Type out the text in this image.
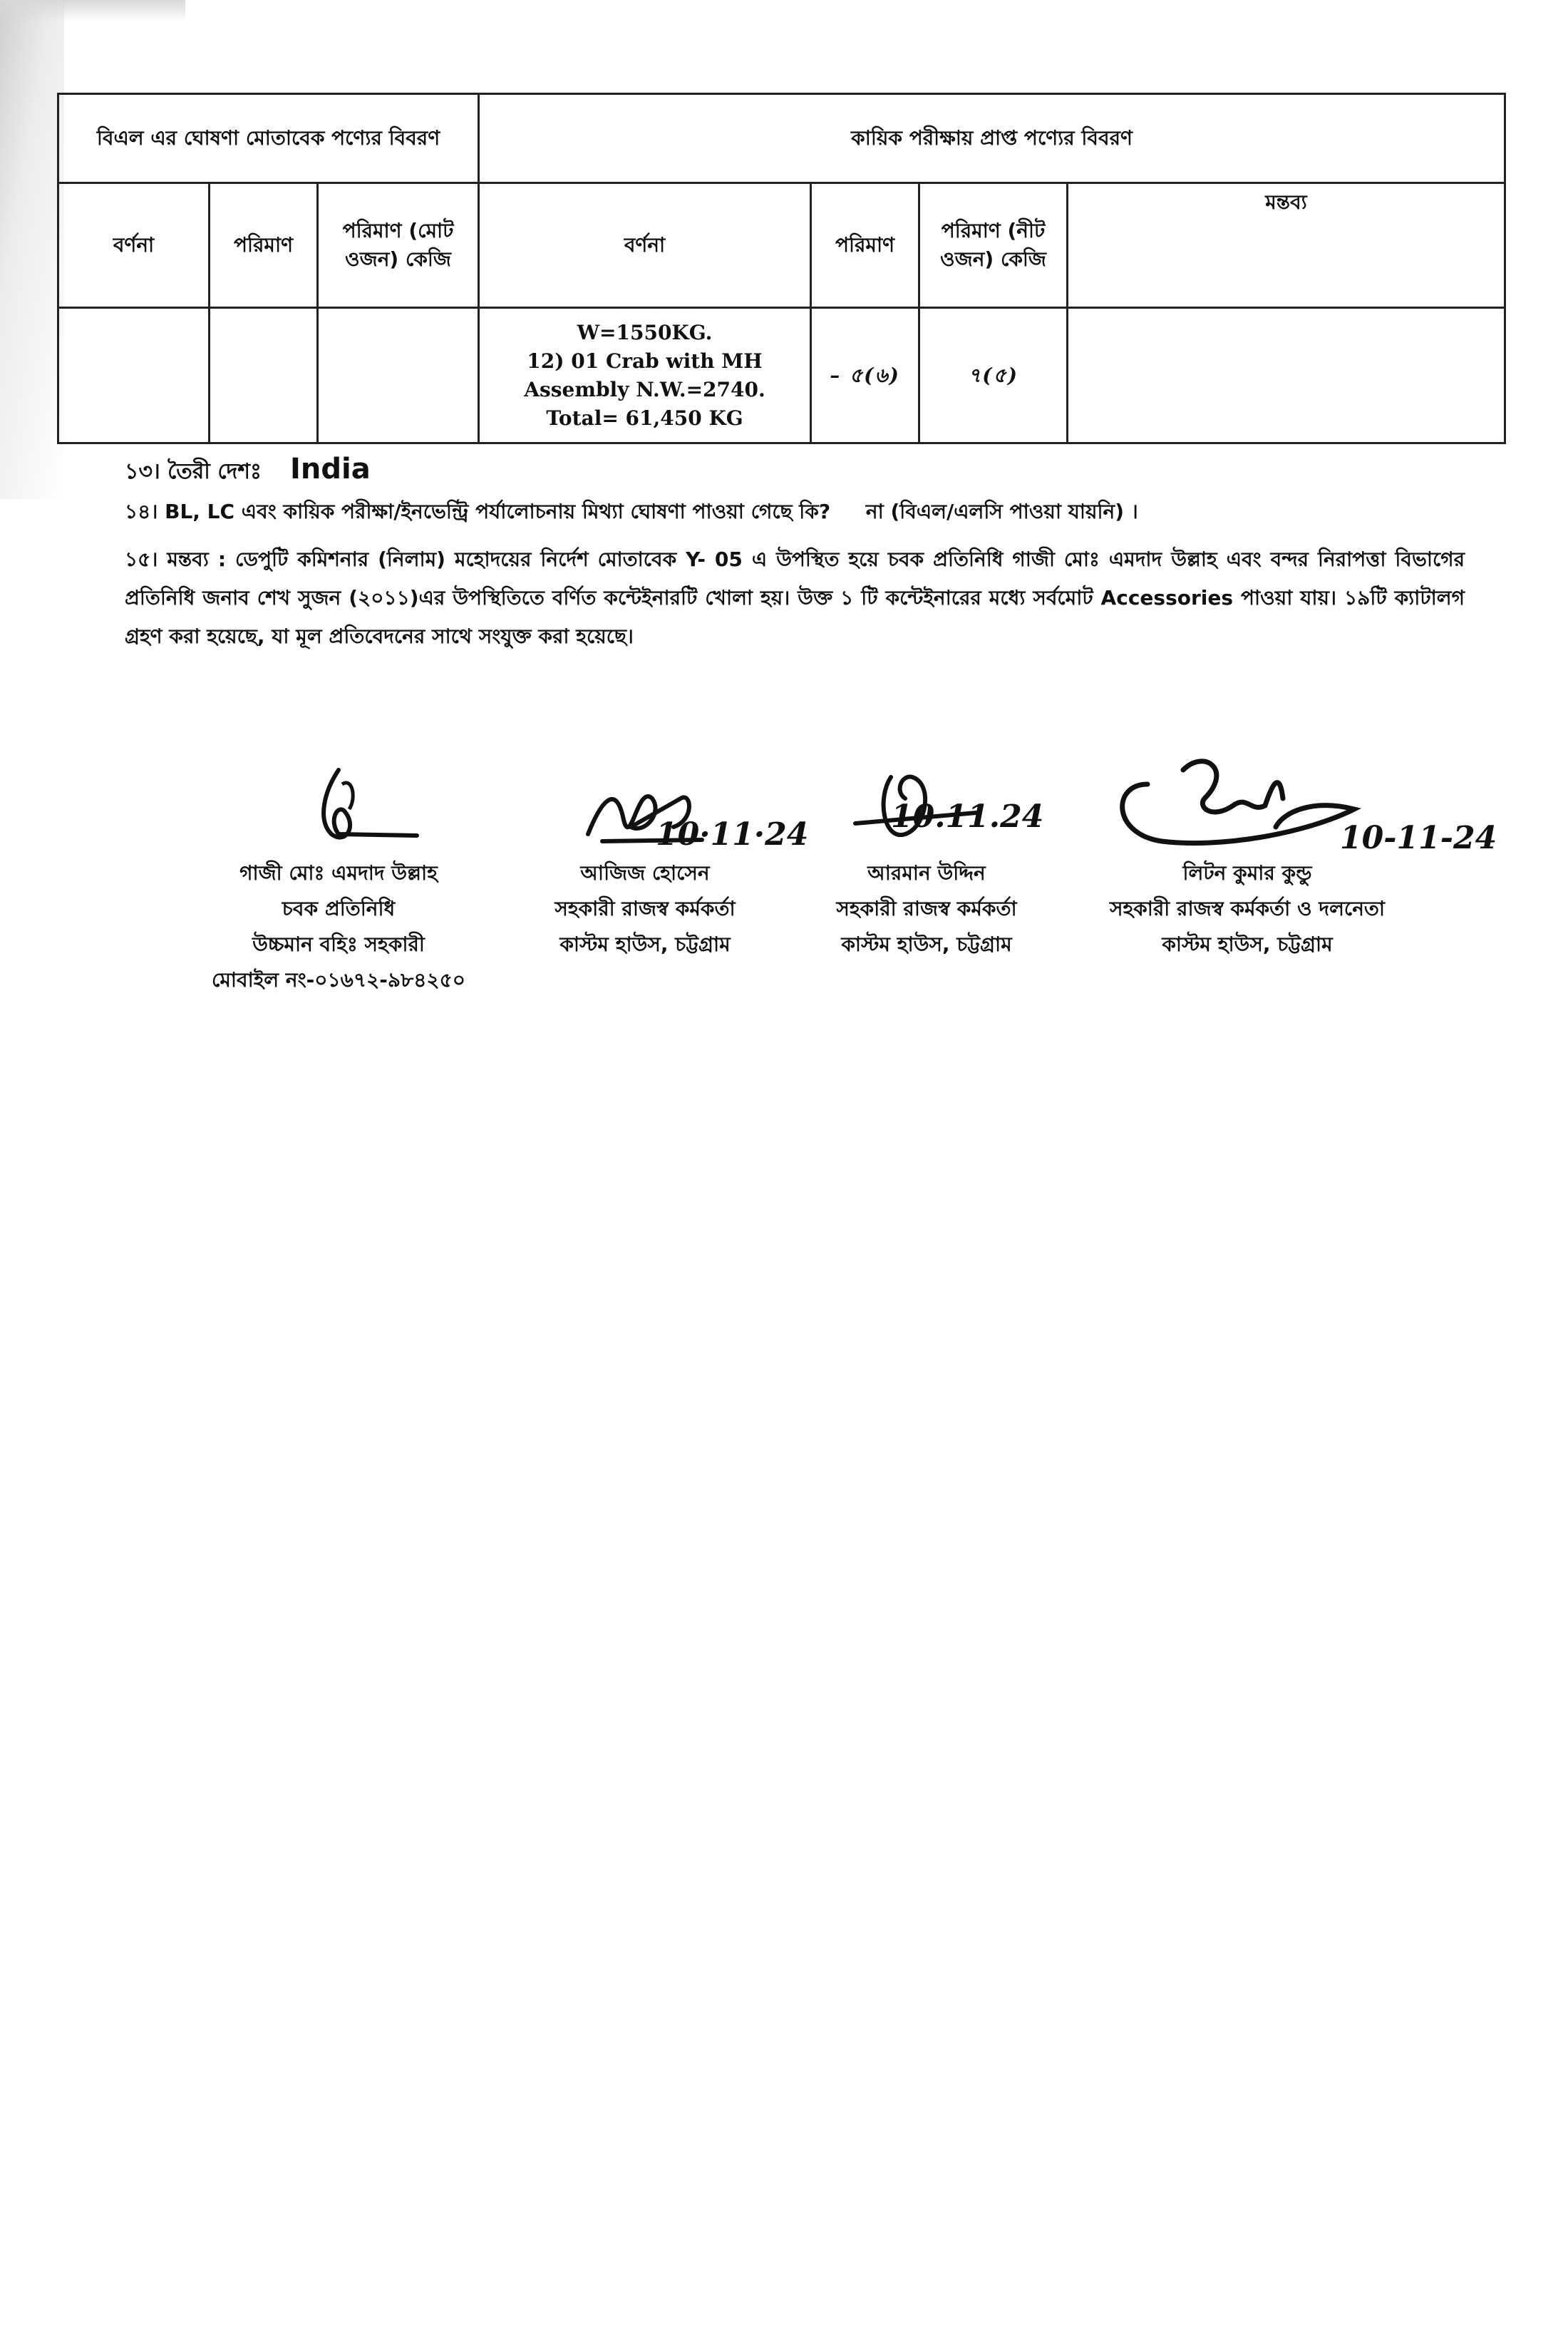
বিএল এর ঘোষণা মোতাবেক পণ্যের বিবরণ			কায়িক পরীক্ষায় প্রাপ্ত পণ্যের বিবরণ			
বর্ণনা	পরিমাণ	পরিমাণ (মোট ওজন) কেজি	বর্ণনা	পরিমাণ	পরিমাণ (নীট ওজন) কেজি	মন্তব্য

			W=1550KG.
12) 01 Crab with MH
Assembly N.W.=2740.
Total= 61,450 KG	– ৫(৬)	৭(৫)	
১৩। তৈরী দেশঃ India
১৪। BL, LC এবং কায়িক পরীক্ষা/ইনভেন্ট্রি পর্যালোচনায় মিথ্যা ঘোষণা পাওয়া গেছে কি? না (বিএল/এলসি পাওয়া যায়নি) ।
১৫। মন্তব্য : ডেপুটি কমিশনার (নিলাম) মহোদয়ের নির্দেশ মোতাবেক Y- 05 এ উপস্থিত হয়ে চবক প্রতিনিধি গাজী মোঃ এমদাদ উল্লাহ এবং বন্দর নিরাপত্তা বিভাগের প্রতিনিধি জনাব শেখ সুজন (২০১১)এর উপস্থিতিতে বর্ণিত কন্টেইনারটি খোলা হয়। উক্ত ১ টি কন্টেইনারের মধ্যে সর্বমোট Accessories পাওয়া যায়। ১৯টি ক্যাটালগ গ্রহণ করা হয়েছে, যা মূল প্রতিবেদনের সাথে সংযুক্ত করা হয়েছে।
গাজী মোঃ এমদাদ উল্লাহ
চবক প্রতিনিধি
উচ্চমান বহিঃ সহকারী
মোবাইল নং-০১৬৭২-৯৮৪২৫০
আজিজ হোসেন
সহকারী রাজস্ব কর্মকর্তা
কাস্টম হাউস, চট্টগ্রাম
10·11·24
আরমান উদ্দিন
সহকারী রাজস্ব কর্মকর্তা
কাস্টম হাউস, চট্টগ্রাম
10.11.24
লিটন কুমার কুন্ডু
সহকারী রাজস্ব কর্মকর্তা ও দলনেতা
কাস্টম হাউস, চট্টগ্রাম
10-11-24
